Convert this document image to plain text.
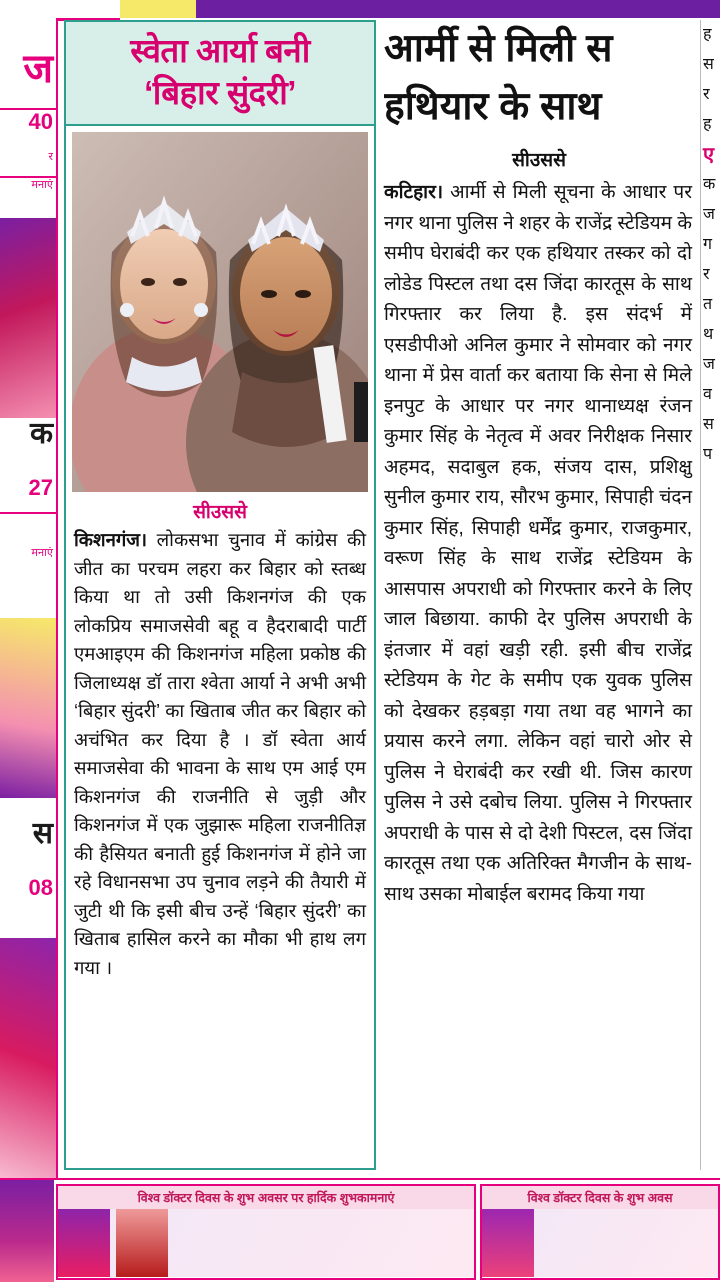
ज
40
र
मनाएं
क
27
मनाएं
स
08
स्वेता आर्या बनी
‘बिहार सुंदरी’
सीउससे
किशनगंज। लोकसभा चुनाव में कांग्रेस की जीत का परचम लहरा कर बिहार को स्तब्ध किया था तो उसी किशनगंज की एक लोकप्रिय समाजसेवी बहू व हैदराबादी पार्टी एमआइएम की किशनगंज महिला प्रकोष्ठ की जिलाध्यक्ष डॉ तारा श्वेता आर्या ने अभी अभी ‘बिहार सुंदरी’ का खिताब जीत कर बिहार को अचंभित कर दिया है । डॉ स्वेता आर्य समाजसेवा की भावना के साथ एम आई एम किशनगंज की राजनीति से जुड़ी और किशनगंज में एक जुझारू महिला राजनीतिज्ञ की हैसियत बनाती हुई किशनगंज में होने जा रहे विधानसभा उप चुनाव लड़ने की तैयारी में जुटी थी कि इसी बीच उन्हें ‘बिहार सुंदरी’ का खिताब हासिल करने का मौका भी हाथ लग गया ।
आर्मी से मिली स
हथियार के साथ
सीउससे
कटिहार। आर्मी से मिली सूचना के आधार पर नगर थाना पुलिस ने शहर के राजेंद्र स्टेडियम के समीप घेराबंदी कर एक हथियार तस्कर को दो लोडेड पिस्टल तथा दस जिंदा कारतूस के साथ गिरफ्तार कर लिया है. इस संदर्भ में एसडीपीओ अनिल कुमार ने सोमवार को नगर थाना में प्रेस वार्ता कर बताया कि सेना से मिले इनपुट के आधार पर नगर थानाध्यक्ष रंजन कुमार सिंह के नेतृत्व में अवर निरीक्षक निसार अहमद, सदाबुल हक, संजय दास, प्रशिक्षु सुनील कुमार राय, सौरभ कुमार, सिपाही चंदन कुमार सिंह, सिपाही धर्मेंद्र कुमार, राजकुमार, वरूण सिंह के साथ राजेंद्र स्टेडियम के आसपास अपराधी को गिरफ्तार करने के लिए जाल बिछाया. काफी देर पुलिस अपराधी के इंतजार में वहां खड़ी रही. इसी बीच राजेंद्र स्टेडियम के गेट के समीप एक युवक पुलिस को देखकर हड़बड़ा गया तथा वह भागने का प्रयास करने लगा. लेकिन वहां चारो ओर से पुलिस ने घेराबंदी कर रखी थी. जिस कारण पुलिस ने उसे दबोच लिया. पुलिस ने गिरफ्तार अपराधी के पास से दो देशी पिस्टल, दस जिंदा कारतूस तथा एक अतिरिक्त मैगजीन के साथ-साथ उसका मोबाईल बरामद किया गया
ह
स
र
ह
ए
क
ज
ग
र
त
थ
ज
व
स
प
विश्व डॉक्टर दिवस के शुभ अवसर पर हार्दिक शुभकामनाएं	विश्व डॉक्टर दिवस के शुभ अवस
